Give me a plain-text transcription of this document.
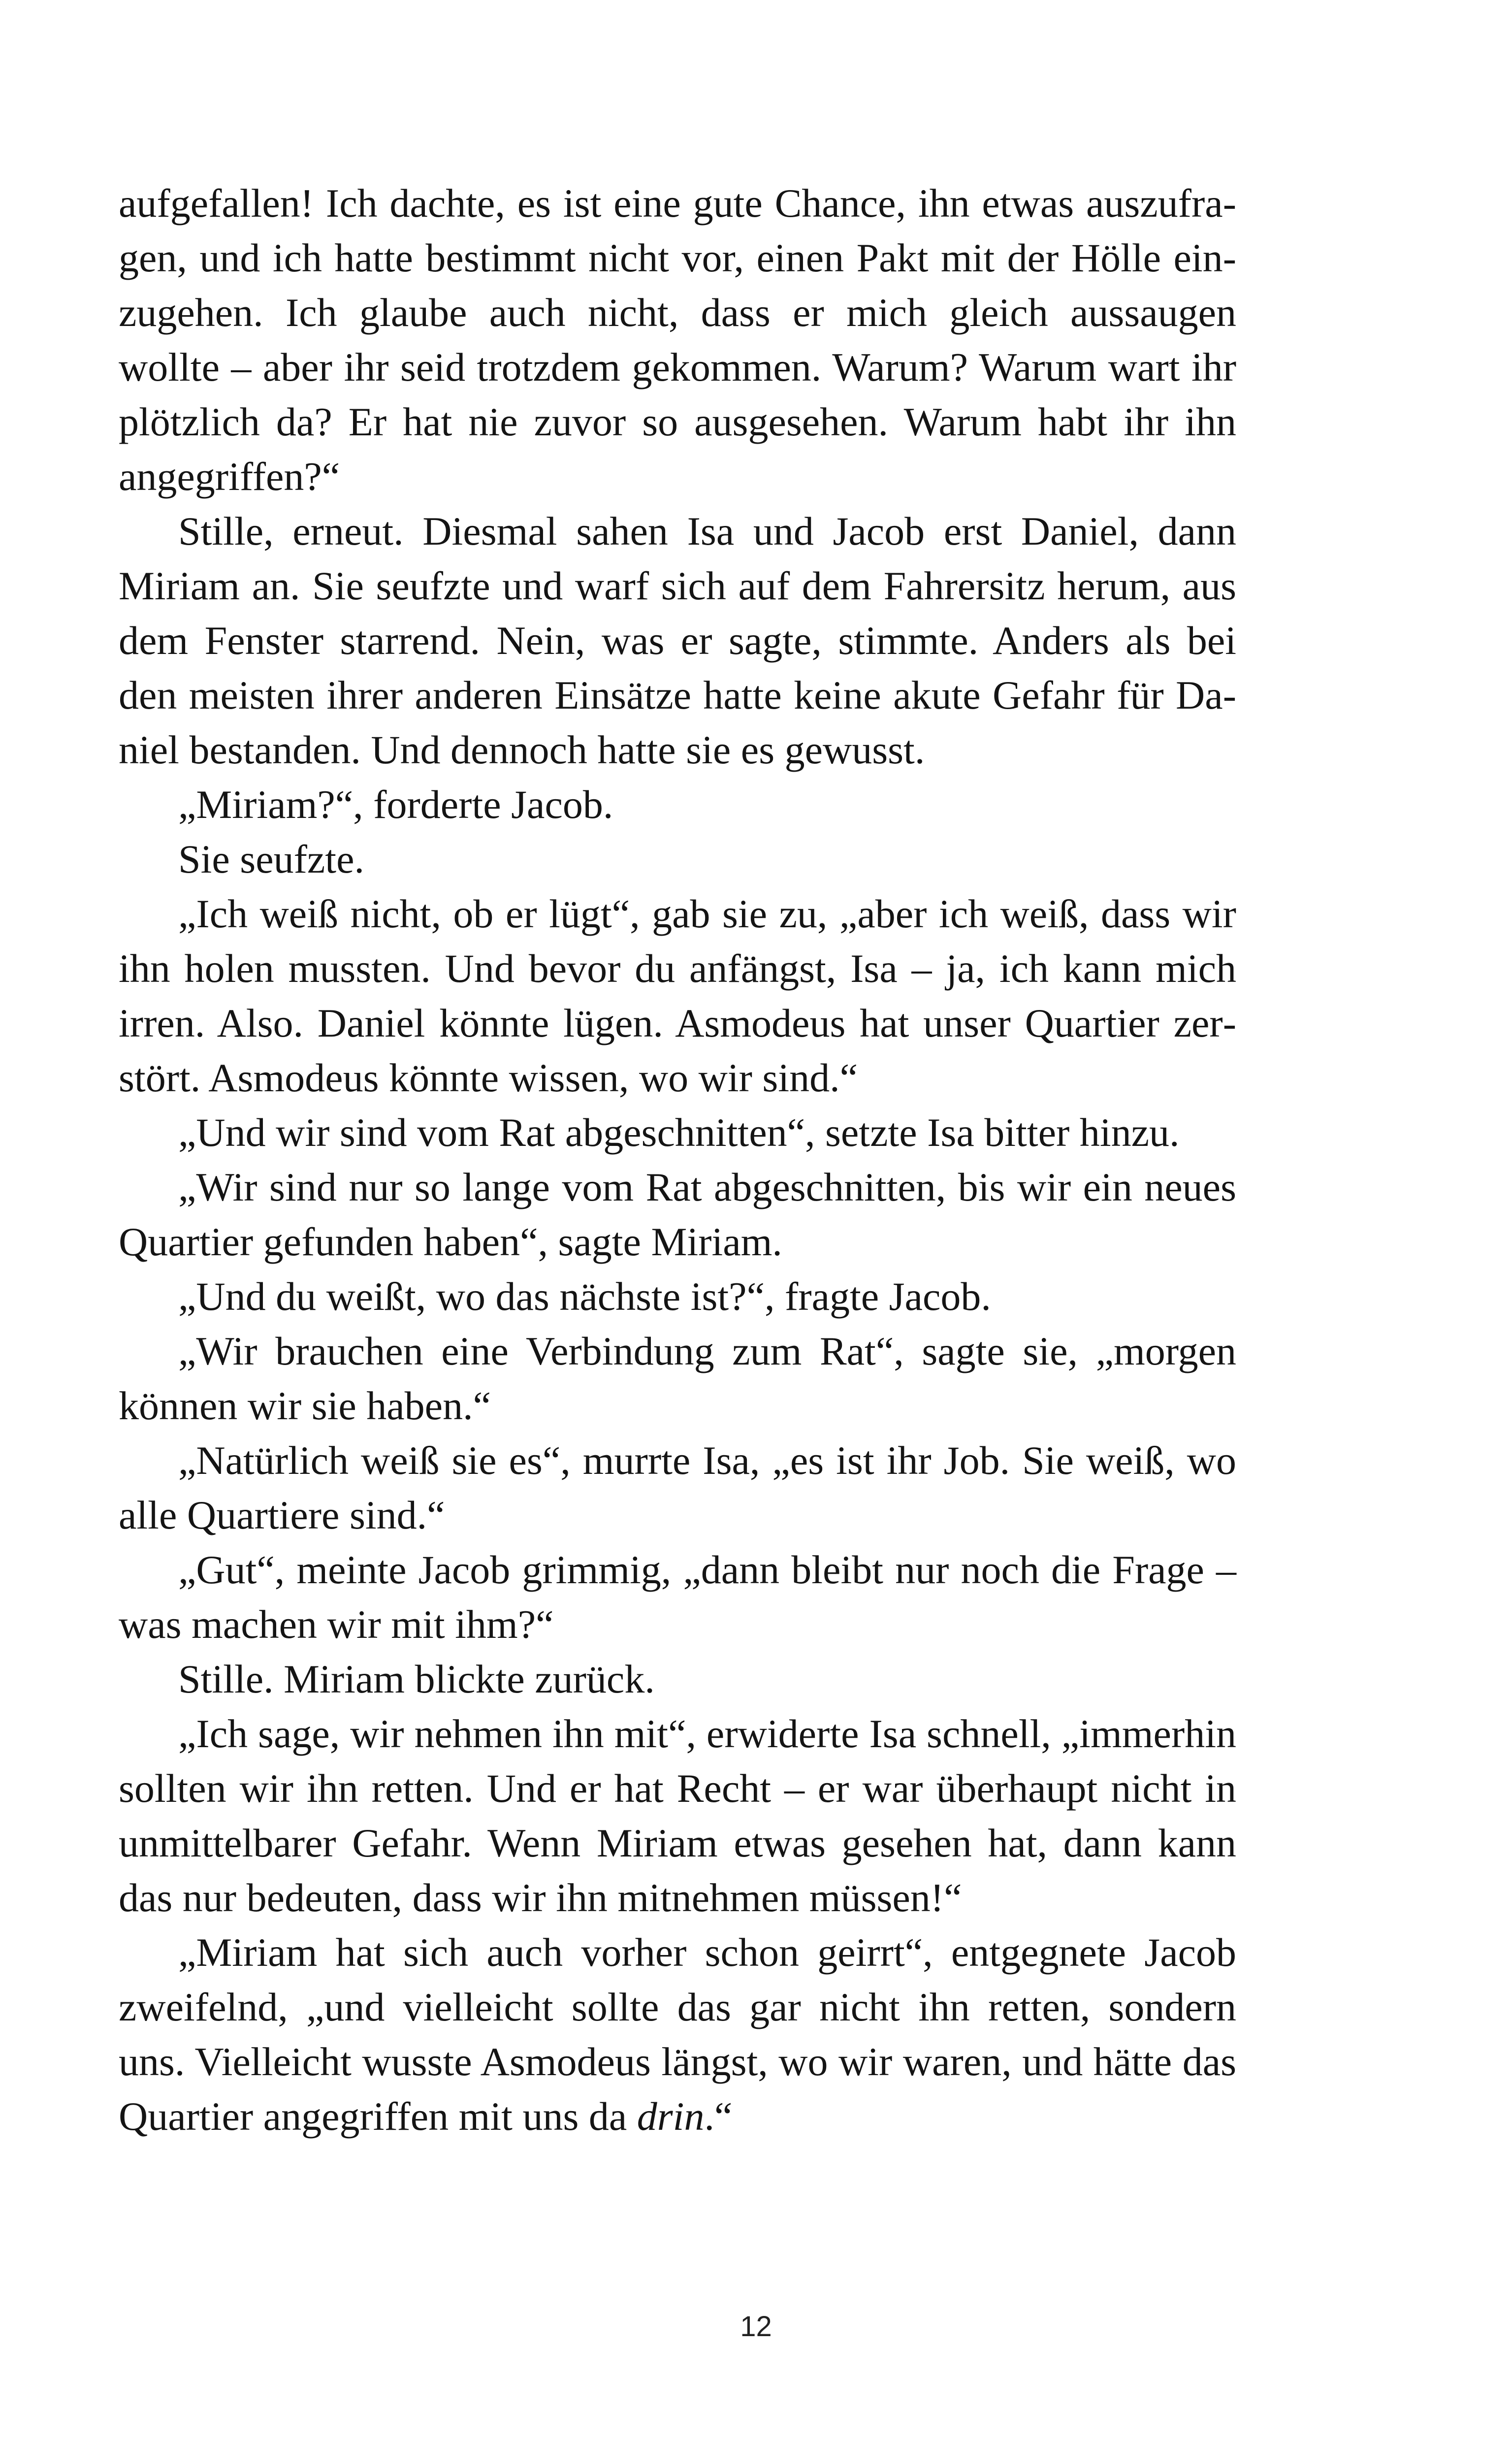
aufgefallen! Ich dachte, es ist eine gute Chance, ihn etwas auszufragen, und ich hatte bestimmt nicht vor, einen Pakt mit der Hölle einzugehen. Ich glaube auch nicht, dass er mich gleich aussaugen wollte – aber ihr seid trotzdem gekommen. Warum? Warum wart ihr plötzlich da? Er hat nie zuvor so ausgesehen. Warum habt ihr ihn angegriffen?“

Stille, erneut. Diesmal sahen Isa und Jacob erst Daniel, dann Miriam an. Sie seufzte und warf sich auf dem Fahrersitz herum, aus dem Fenster starrend. Nein, was er sagte, stimmte. Anders als bei den meisten ihrer anderen Einsätze hatte keine akute Gefahr für Daniel bestanden. Und dennoch hatte sie es gewusst.

„Miriam?“, forderte Jacob.

Sie seufzte.

„Ich weiß nicht, ob er lügt“, gab sie zu, „aber ich weiß, dass wir ihn holen mussten. Und bevor du anfängst, Isa – ja, ich kann mich irren. Also. Daniel könnte lügen. Asmodeus hat unser Quartier zerstört. Asmodeus könnte wissen, wo wir sind.“

„Und wir sind vom Rat abgeschnitten“, setzte Isa bitter hinzu.

„Wir sind nur so lange vom Rat abgeschnitten, bis wir ein neues Quartier gefunden haben“, sagte Miriam.

„Und du weißt, wo das nächste ist?“, fragte Jacob.

„Wir brauchen eine Verbindung zum Rat“, sagte sie, „morgen können wir sie haben.“

„Natürlich weiß sie es“, murrte Isa, „es ist ihr Job. Sie weiß, wo alle Quartiere sind.“

„Gut“, meinte Jacob grimmig, „dann bleibt nur noch die Frage – was machen wir mit ihm?“

Stille. Miriam blickte zurück.

„Ich sage, wir nehmen ihn mit“, erwiderte Isa schnell, „immerhin sollten wir ihn retten. Und er hat Recht – er war überhaupt nicht in unmittelbarer Gefahr. Wenn Miriam etwas gesehen hat, dann kann das nur bedeuten, dass wir ihn mitnehmen müssen!“

„Miriam hat sich auch vorher schon geirrt“, entgegnete Jacob zweifelnd, „und vielleicht sollte das gar nicht ihn retten, sondern uns. Vielleicht wusste Asmodeus längst, wo wir waren, und hätte das Quartier angegriffen mit uns da drin.“

12
